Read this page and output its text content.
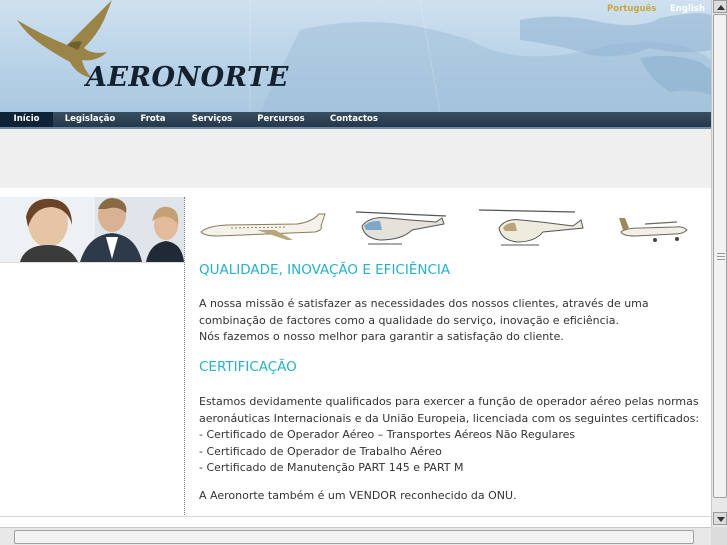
AERONORTE
Português English
Início	Legislação	Frota	Serviços	Percursos	Contactos
QUALIDADE, INOVAÇÃO E EFICIÊNCIA
A nossa missão é satisfazer as necessidades dos nossos clientes, através de uma
combinação de factores como a qualidade do serviço, inovação e eficiência.
Nós fazemos o nosso melhor para garantir a satisfação do cliente.
CERTIFICAÇÃO
Estamos devidamente qualificados para exercer a função de operador aéreo pelas normas
aeronáuticas Internacionais e da União Europeia, licenciada com os seguintes certificados:
- Certificado de Operador Aéreo – Transportes Aéreos Não Regulares
- Certificado de Operador de Trabalho Aéreo
- Certificado de Manutenção PART 145 e PART M
A Aeronorte também é um VENDOR reconhecido da ONU.
